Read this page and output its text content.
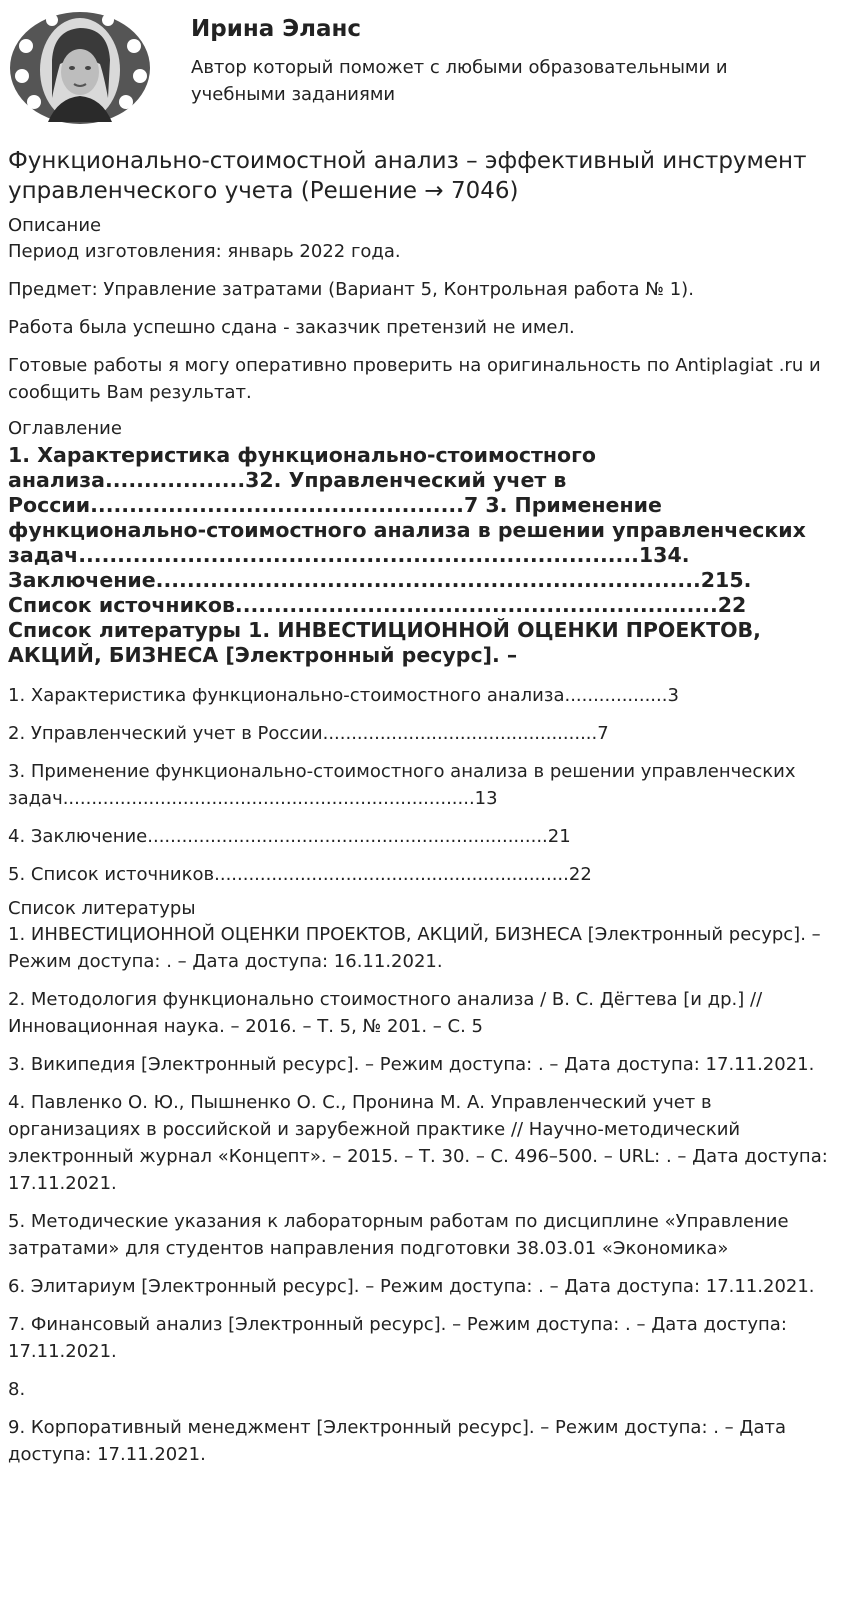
Ирина Эланс
Автор который поможет с любыми образовательными и учебными заданиями
Функционально-стоимостной анализ – эффективный инструмент управленческого учета (Решение → 7046)

Описание

Период изготовления: январь 2022 года.

Предмет: Управление затратами (Вариант 5, Контрольная работа № 1).

Работа была успешно сдана - заказчик претензий не имел.

Готовые работы я могу оперативно проверить на оригинальность по Antiplagiat .ru и сообщить Вам результат.

Оглавление

1. Характеристика функционально-стоимостного анализа..................32. Управленческий учет в России................................................7 3. Применение функционально-стоимостного анализа в решении управленческих задач........................................................................134. Заключение......................................................................215. Список источников..............................................................22

Список литературы 1. ИНВЕСТИЦИОННОЙ ОЦЕНКИ ПРОЕКТОВ, АКЦИЙ, БИЗНЕСА [Электронный ресурс]. –

1. Характеристика функционально-стоимостного анализа..................3

2. Управленческий учет в России................................................7

3. Применение функционально-стоимостного анализа в решении управленческих задач........................................................................13

4. Заключение......................................................................21

5. Список источников..............................................................22

Список литературы

1. ИНВЕСТИЦИОННОЙ ОЦЕНКИ ПРОЕКТОВ, АКЦИЙ, БИЗНЕСА [Электронный ресурс]. – Режим доступа: . – Дата доступа: 16.11.2021.

2. Методология функционально стоимостного анализа / В. С. Дёгтева [и др.] // Инновационная наука. – 2016. – Т. 5, № 201. – С. 5

3. Википедия [Электронный ресурс]. – Режим доступа: . – Дата доступа: 17.11.2021.

4. Павленко О. Ю., Пышненко О. С., Пронина М. А. Управленческий учет в организациях в российской и зарубежной практике // Научно-методический электронный журнал «Концепт». – 2015. – Т. 30. – С. 496–500. – URL: . – Дата доступа: 17.11.2021.

5. Методические указания к лабораторным работам по дисциплине «Управление затратами» для студентов направления подготовки 38.03.01 «Экономика»

6. Элитариум [Электронный ресурс]. – Режим доступа: . – Дата доступа: 17.11.2021.

7. Финансовый анализ [Электронный ресурс]. – Режим доступа: . – Дата доступа: 17.11.2021.

8.

9. Корпоративный менеджмент [Электронный ресурс]. – Режим доступа: . – Дата доступа: 17.11.2021.
